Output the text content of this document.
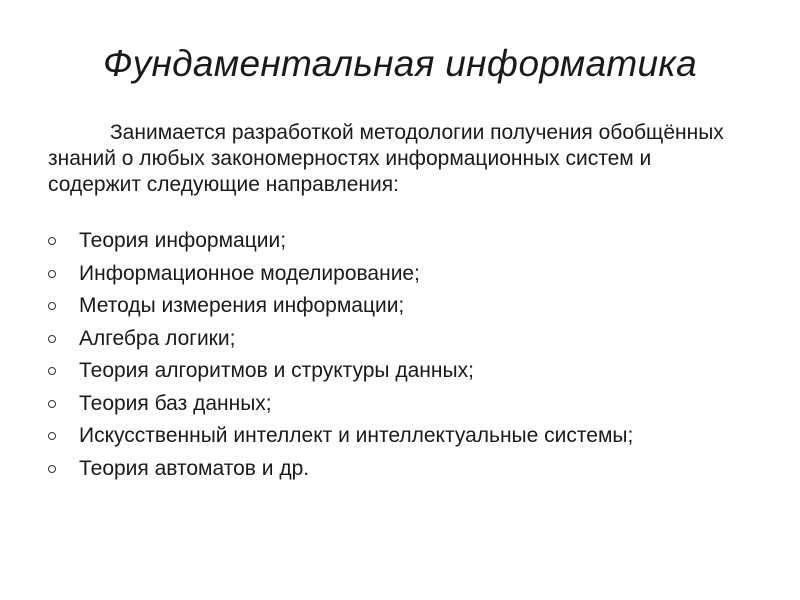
Фундаментальная информатика
Занимается разработкой методологии получения обобщённых знаний о любых закономерностях информационных систем и содержит следующие направления:
Теория информации;
Информационное моделирование;
Методы измерения информации;
Алгебра логики;
Теория алгоритмов и структуры данных;
Теория баз данных;
Искусственный интеллект и интеллектуальные системы;
Теория автоматов и др.
